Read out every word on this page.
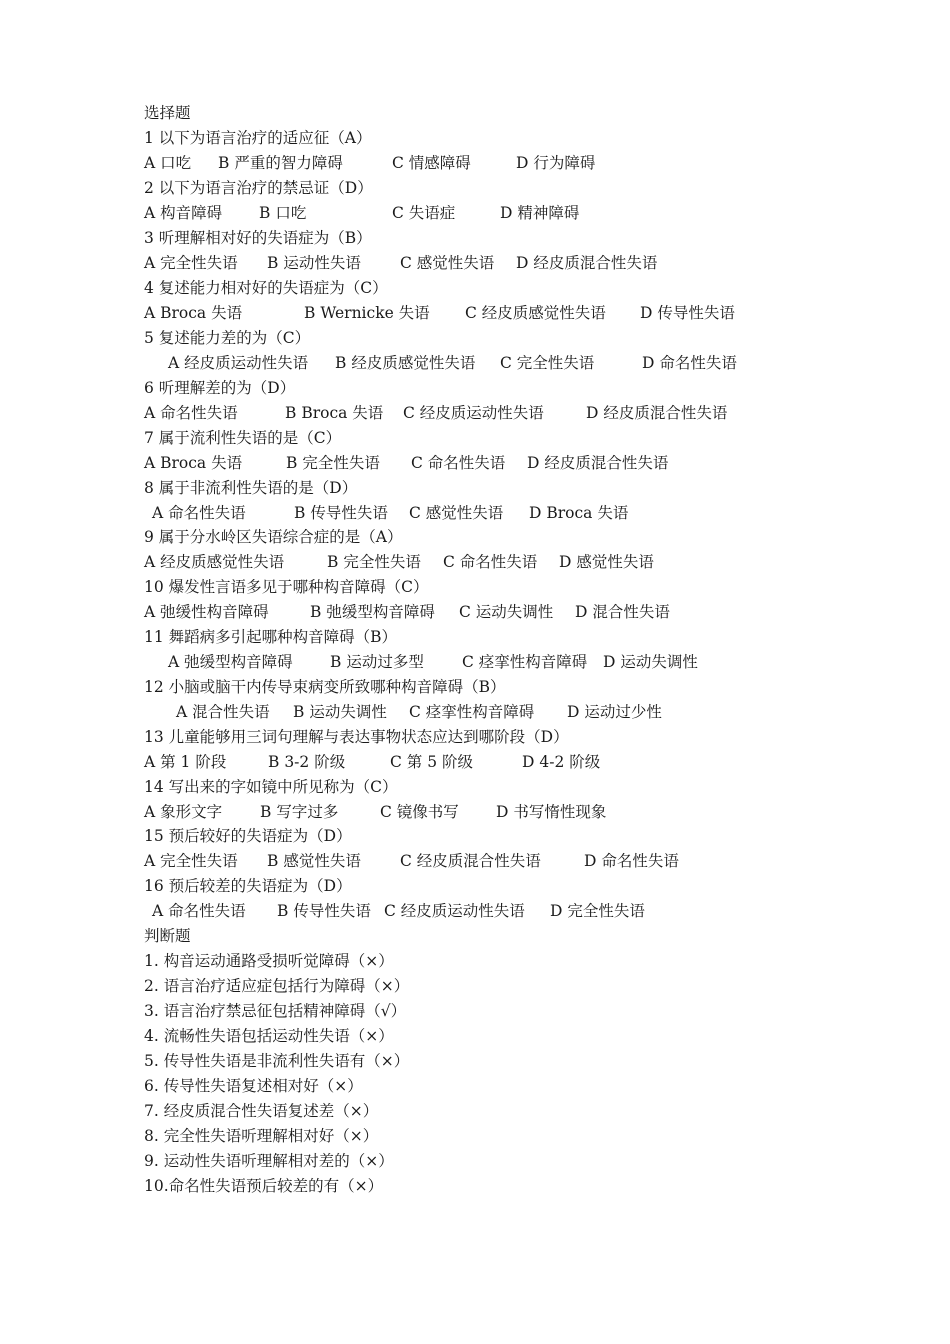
选择题
1 以下为语言治疗的适应征（A）
A 口吃 B 严重的智力障碍	C 情感障碍	D 行为障碍
2 以下为语言治疗的禁忌证（D）
A 构音障碍 B 口吃	C 失语症	D 精神障碍
3 听理解相对好的失语症为（B）
A 完全性失语 B 运动性失语	C 感觉性失语 D 经皮质混合性失语
4 复述能力相对好的失语症为（C）
A Broca 失语	B Wernicke 失语 C 经皮质感觉性失语 D 传导性失语
5 复述能力差的为（C）
A 经皮质运动性失语 B 经皮质感觉性失语 C 完全性失语	D 命名性失语
6 听理解差的为（D）
A 命名性失语	B Broca 失语 C 经皮质运动性失语	D 经皮质混合性失语
7 属于流利性失语的是（C）
A Broca 失语	B 完全性失语 C 命名性失语 D 经皮质混合性失语
8 属于非流利性失语的是（D）
A 命名性失语	B 传导性失语 C 感觉性失语 D Broca 失语
9 属于分水岭区失语综合症的是（A）
A 经皮质感觉性失语	B 完全性失语 C 命名性失语 D 感觉性失语
10 爆发性言语多见于哪种构音障碍（C）
A 弛缓性构音障碍	B 弛缓型构音障碍 C 运动失调性 D 混合性失语
11 舞蹈病多引起哪种构音障碍（B）
A 弛缓型构音障碍 B 运动过多型 C 痉挛性构音障碍 D 运动失调性
12 小脑或脑干内传导束病变所致哪种构音障碍（B）
A 混合性失语 B 运动失调性 C 痉挛性构音障碍 D 运动过少性
13 儿童能够用三词句理解与表达事物状态应达到哪阶段（D）
A 第 1 阶段	B 3-2 阶级	C 第 5 阶级	D 4-2 阶级
14 写出来的字如镜中所见称为（C）
A 象形文字 B 写字过多	C 镜像书写 D 书写惰性现象
15 预后较好的失语症为（D）
A 完全性失语 B 感觉性失语	C 经皮质混合性失语	D 命名性失语
16 预后较差的失语症为（D）
A 命名性失语 B 传导性失语 C 经皮质运动性失语 D 完全性失语
判断题
1. 构音运动通路受损听觉障碍（×）
2. 语言治疗适应症包括行为障碍（×）
3. 语言治疗禁忌征包括精神障碍（√）
4. 流畅性失语包括运动性失语（×）
5. 传导性失语是非流利性失语有（×）
6. 传导性失语复述相对好（×）
7. 经皮质混合性失语复述差（×）
8. 完全性失语听理解相对好（×）
9. 运动性失语听理解相对差的（×）
10.命名性失语预后较差的有（×）
